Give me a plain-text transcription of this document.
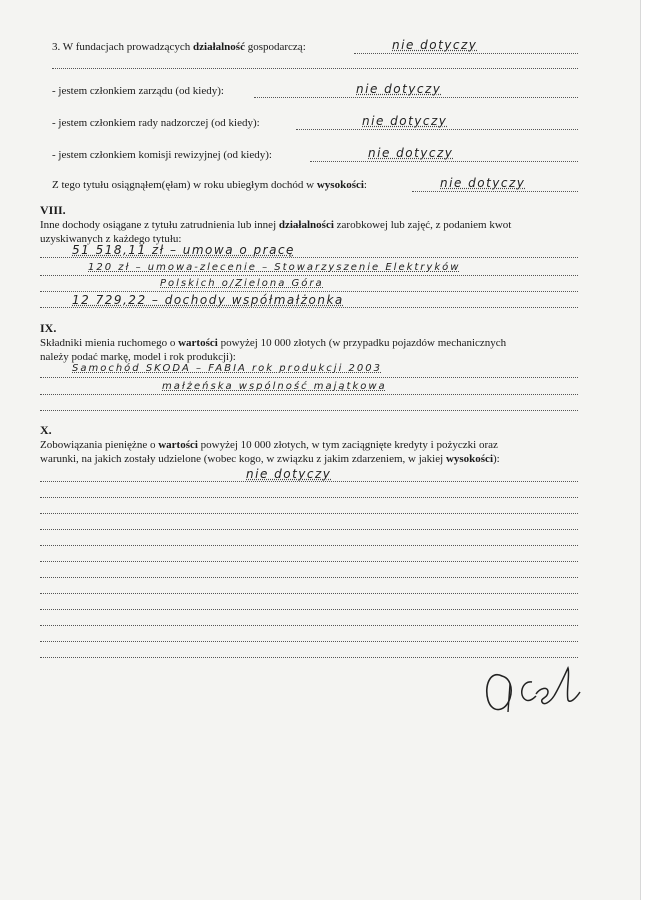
3. W fundacjach prowadzących działalność gospodarczą:	nie dotyczy
- jestem członkiem zarządu (od kiedy):	nie dotyczy
- jestem członkiem rady nadzorczej (od kiedy):	nie dotyczy
- jestem członkiem komisji rewizyjnej (od kiedy):	nie dotyczy
Z tego tytułu osiągnąłem(ęłam) w roku ubiegłym dochód w wysokości:	nie dotyczy
VIII.
Inne dochody osiągane z tytułu zatrudnienia lub innej działalności zarobkowej lub zajęć, z podaniem kwot
uzyskiwanych z każdego tytułu:
51 518,11 zł – umowa o pracę
120 zł – umowa-zlecenie – Stowarzyszenie Elektryków
Polskich o/Zielona Góra
12 729,22 – dochody współmałżonka
IX.
Składniki mienia ruchomego o wartości powyżej 10 000 złotych (w przypadku pojazdów mechanicznych
należy podać markę, model i rok produkcji):
Samochód SKODA – FABIA rok produkcji 2003
małżeńska wspólność majątkowa
X.
Zobowiązania pieniężne o wartości powyżej 10 000 złotych, w tym zaciągnięte kredyty i pożyczki oraz
warunki, na jakich zostały udzielone (wobec kogo, w związku z jakim zdarzeniem, w jakiej wysokości):
nie dotyczy
